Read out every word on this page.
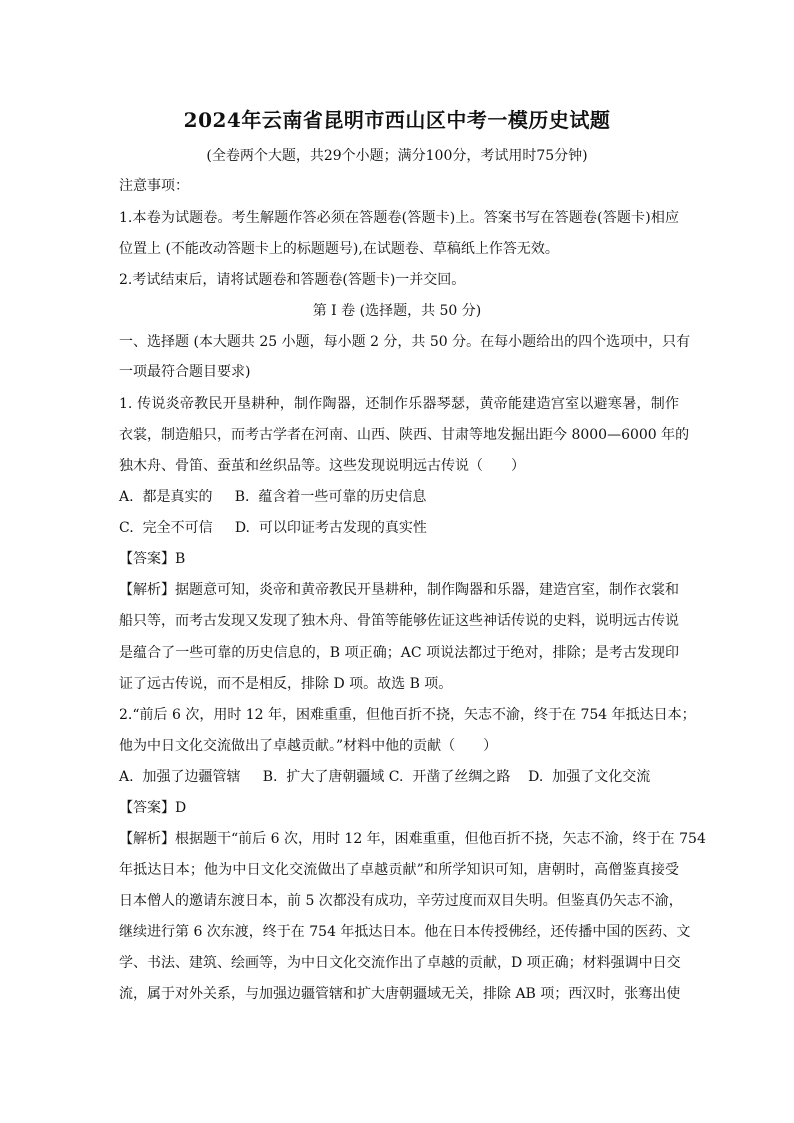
2024年云南省昆明市西山区中考一模历史试题
(全卷两个大题，共29个小题；满分100分，考试用时75分钟)
注意事项：
1.本卷为试题卷。考生解题作答必须在答题卷(答题卡)上。答案书写在答题卷(答题卡)相应
位置上 (不能改动答题卡上的标题题号),在试题卷、草稿纸上作答无效。
2.考试结束后，请将试题卷和答题卷(答题卡)一并交回。
第 I 卷 (选择题，共 50 分)
一、选择题 (本大题共 25 小题，每小题 2 分，共 50 分。在每小题给出的四个选项中，只有
一项最符合题目要求)
1. 传说炎帝教民开垦耕种，制作陶器，还制作乐器琴瑟，黄帝能建造宫室以避寒暑，制作
衣裳，制造船只，而考古学者在河南、山西、陕西、甘肃等地发掘出距今 8000—6000 年的
独木舟、骨笛、蚕茧和丝织品等。这些发现说明远古传说（　　）
A.  都是真实的     B.  蕴含着一些可靠的历史信息
C.  完全不可信     D.  可以印证考古发现的真实性
【答案】B
【解析】据题意可知，炎帝和黄帝教民开垦耕种，制作陶器和乐器，建造宫室，制作衣裳和
船只等，而考古发现又发现了独木舟、骨笛等能够佐证这些神话传说的史料，说明远古传说
是蕴合了一些可靠的历史信息的，B 项正确；AC 项说法都过于绝对，排除；是考古发现印
证了远古传说，而不是相反，排除 D 项。故选 B 项。
2.“前后 6 次，用时 12 年，困难重重，但他百折不挠，矢志不渝，终于在 754 年抵达日本；
他为中日文化交流做出了卓越贡献。”材料中他的贡献（　　）
A.  加强了边疆管辖     B.  扩大了唐朝疆域 C.  开凿了丝绸之路    D.  加强了文化交流
【答案】D
【解析】根据题干“前后 6 次，用时 12 年，困难重重，但他百折不挠，矢志不渝，终于在 754
年抵达日本；他为中日文化交流做出了卓越贡献”和所学知识可知，唐朝时，高僧鉴真接受
日本僧人的邀请东渡日本，前 5 次都没有成功，辛劳过度而双目失明。但鉴真仍矢志不渝，
继续进行第 6 次东渡，终于在 754 年抵达日本。他在日本传授佛经，还传播中国的医药、文
学、书法、建筑、绘画等，为中日文化交流作出了卓越的贡献，D 项正确；材料强调中日交
流，属于对外关系，与加强边疆管辖和扩大唐朝疆域无关，排除 AB 项；西汉时，张骞出使
